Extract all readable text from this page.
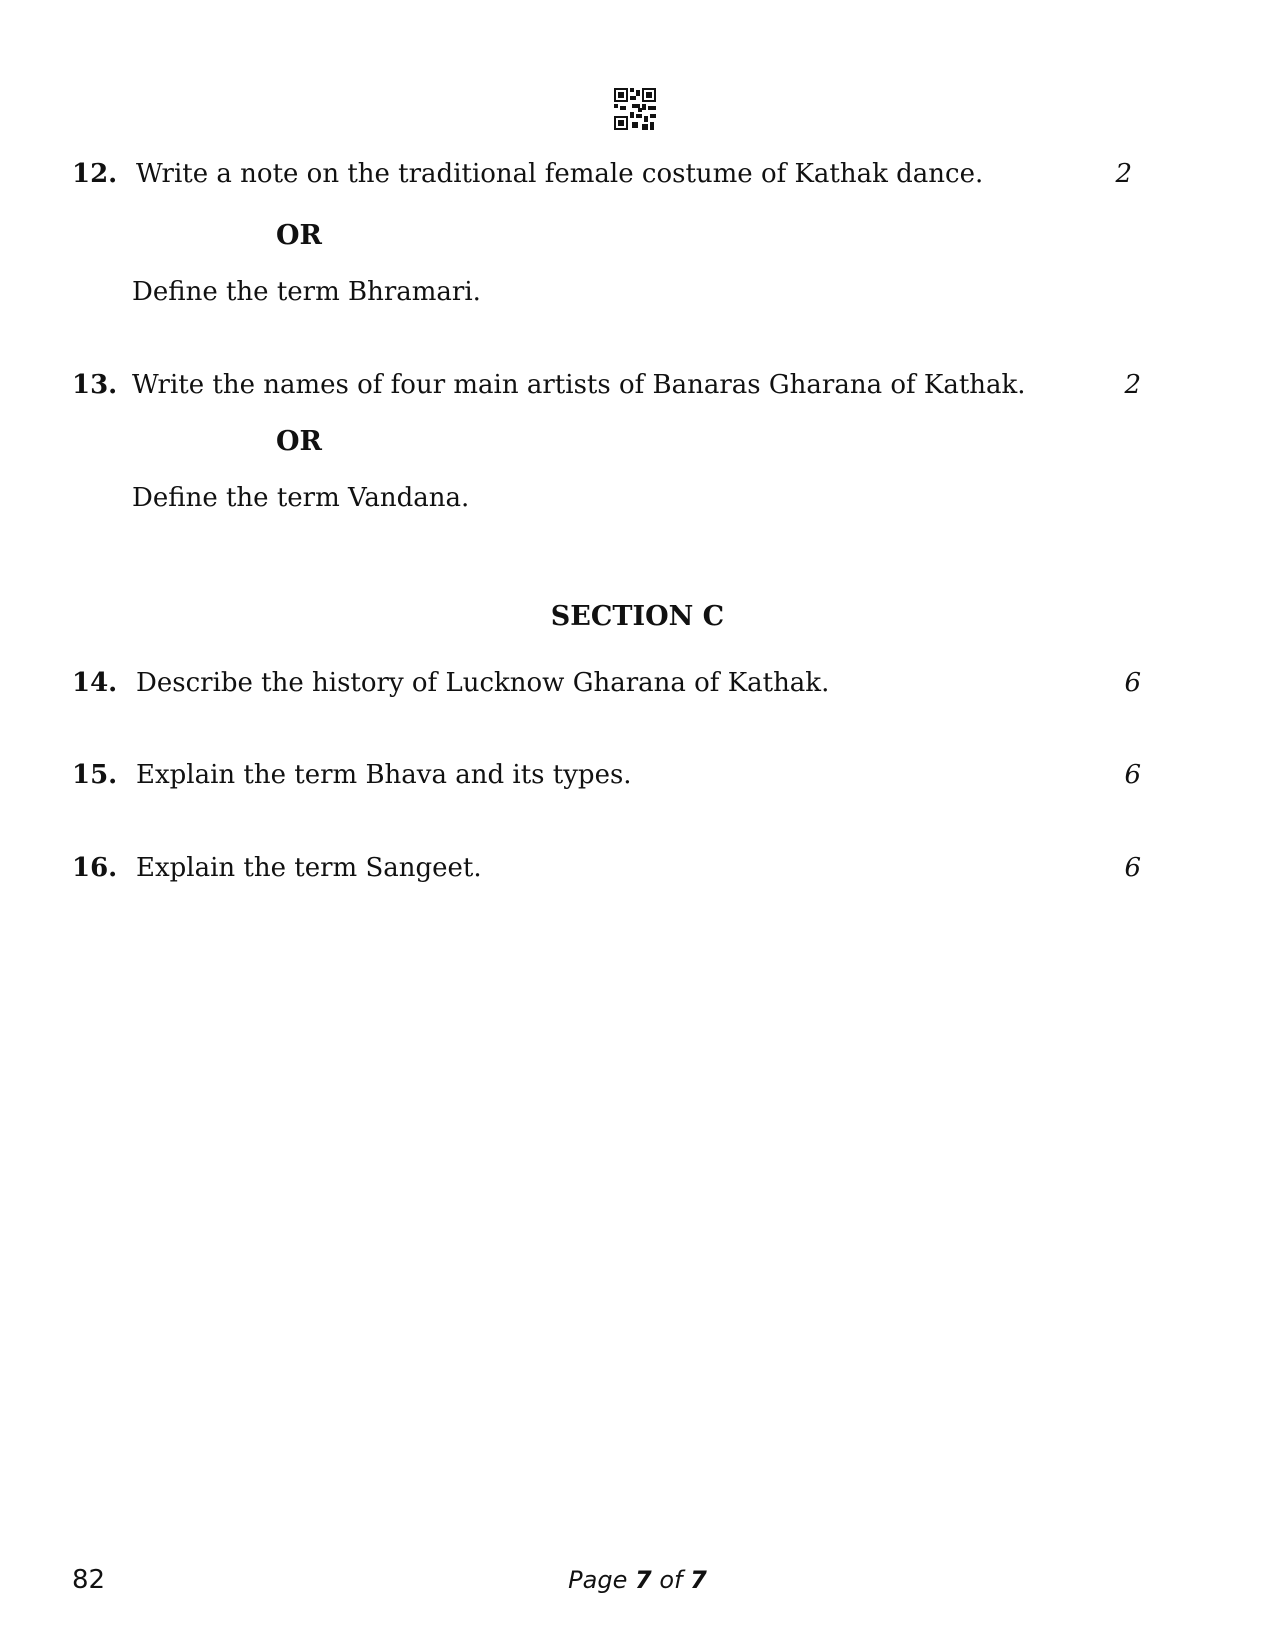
12. Write a note on the traditional female costume of Kathak dance.	2
OR
Define the term Bhramari.
13. Write the names of four main artists of Banaras Gharana of Kathak.	2
OR
Define the term Vandana.
SECTION C
14. Describe the history of Lucknow Gharana of Kathak.	6
15. Explain the term Bhava and its types.	6
16. Explain the term Sangeet.	6
82	Page 7 of 7
